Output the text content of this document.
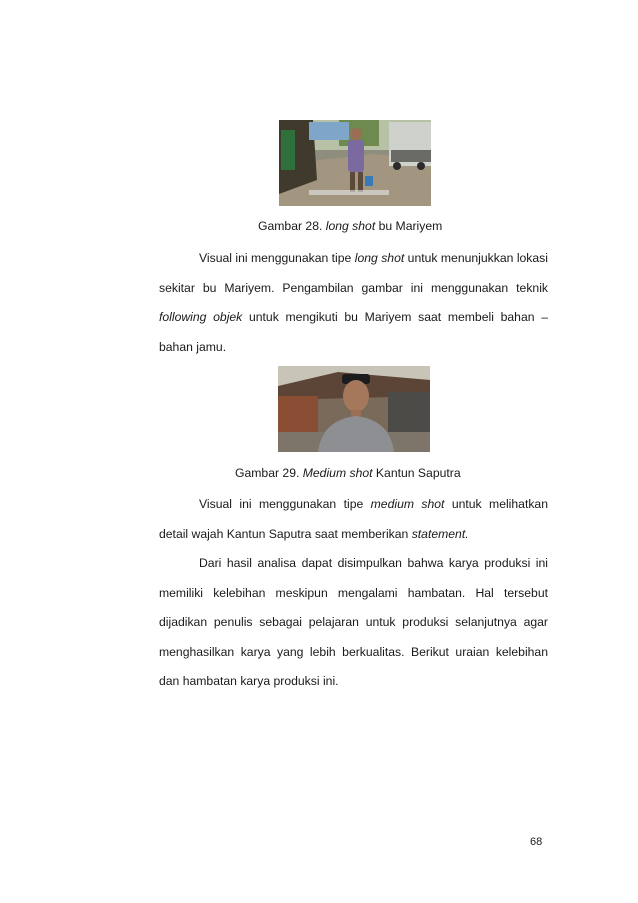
Gambar 28. long shot bu Mariyem

Visual ini menggunakan tipe long shot untuk menunjukkan lokasi sekitar bu Mariyem. Pengambilan gambar ini menggunakan teknik following objek untuk mengikuti bu Mariyem saat membeli bahan – bahan jamu.

Gambar 29. Medium shot Kantun Saputra

Visual ini menggunakan tipe medium shot untuk melihatkan detail wajah Kantun Saputra saat memberikan statement.

Dari hasil analisa dapat disimpulkan bahwa karya produksi ini memiliki kelebihan meskipun mengalami hambatan. Hal tersebut dijadikan penulis sebagai pelajaran untuk produksi selanjutnya agar menghasilkan karya yang lebih berkualitas. Berikut uraian kelebihan dan hambatan karya produksi ini.

68
